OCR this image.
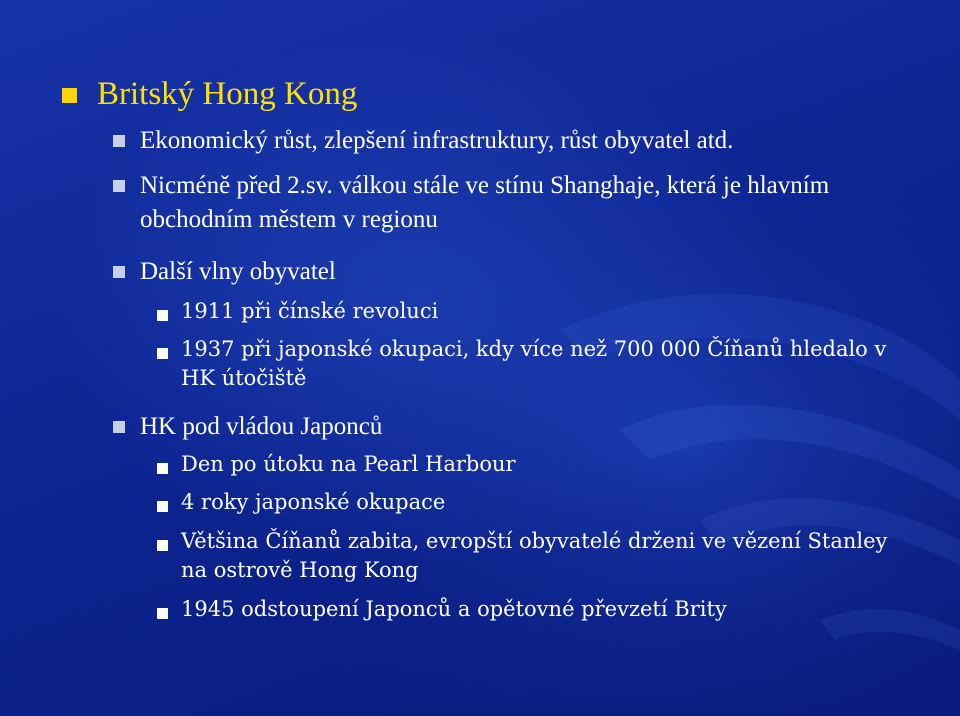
Britský Hong Kong

Ekonomický růst, zlepšení infrastruktury, růst obyvatel atd.

Nicméně před 2.sv. válkou stále ve stínu Shanghaje, která je hlavním obchodním městem v regionu

Další vlny obyvatel

1911 při čínské revoluci

1937 při japonské okupaci, kdy více než 700 000 Číňanů hledalo v HK útočiště

HK pod vládou Japonců

Den po útoku na Pearl Harbour

4 roky japonské okupace

Většina Číňanů zabita, evropští obyvatelé drženi ve vězení Stanley na ostrově Hong Kong

1945 odstoupení Japonců a opětovné převzetí Brity
